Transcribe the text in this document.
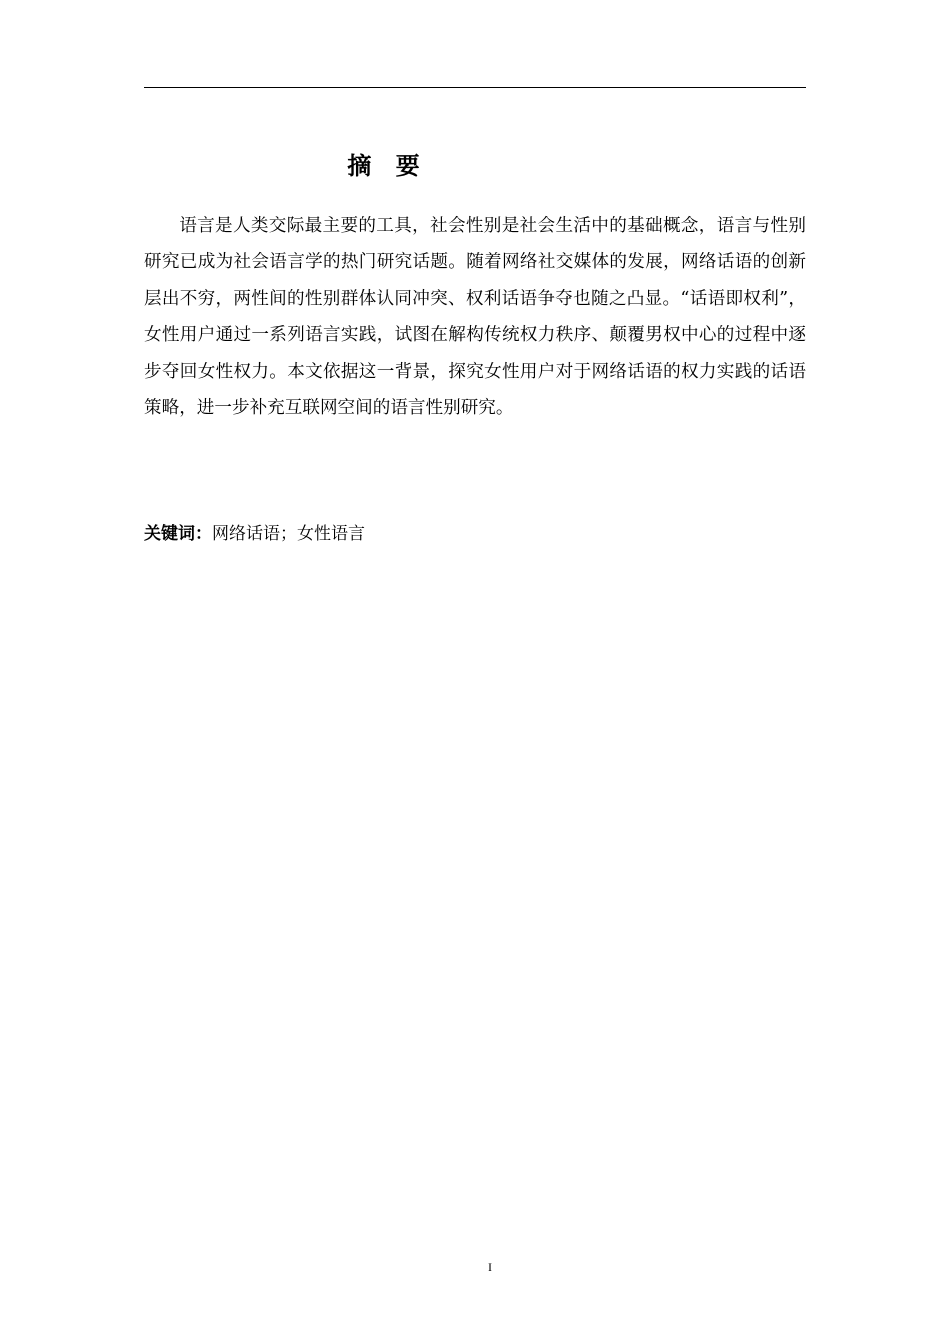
摘 要

语言是人类交际最主要的工具，社会性别是社会生活中的基础概念，语言与性别研究已成为社会语言学的热门研究话题。随着网络社交媒体的发展，网络话语的创新层出不穷，两性间的性别群体认同冲突、权利话语争夺也随之凸显。“话语即权利”，女性用户通过一系列语言实践，试图在解构传统权力秩序、颠覆男权中心的过程中逐步夺回女性权力。本文依据这一背景，探究女性用户对于网络话语的权力实践的话语策略，进一步补充互联网空间的语言性别研究。

关键词：网络话语；女性语言
I
